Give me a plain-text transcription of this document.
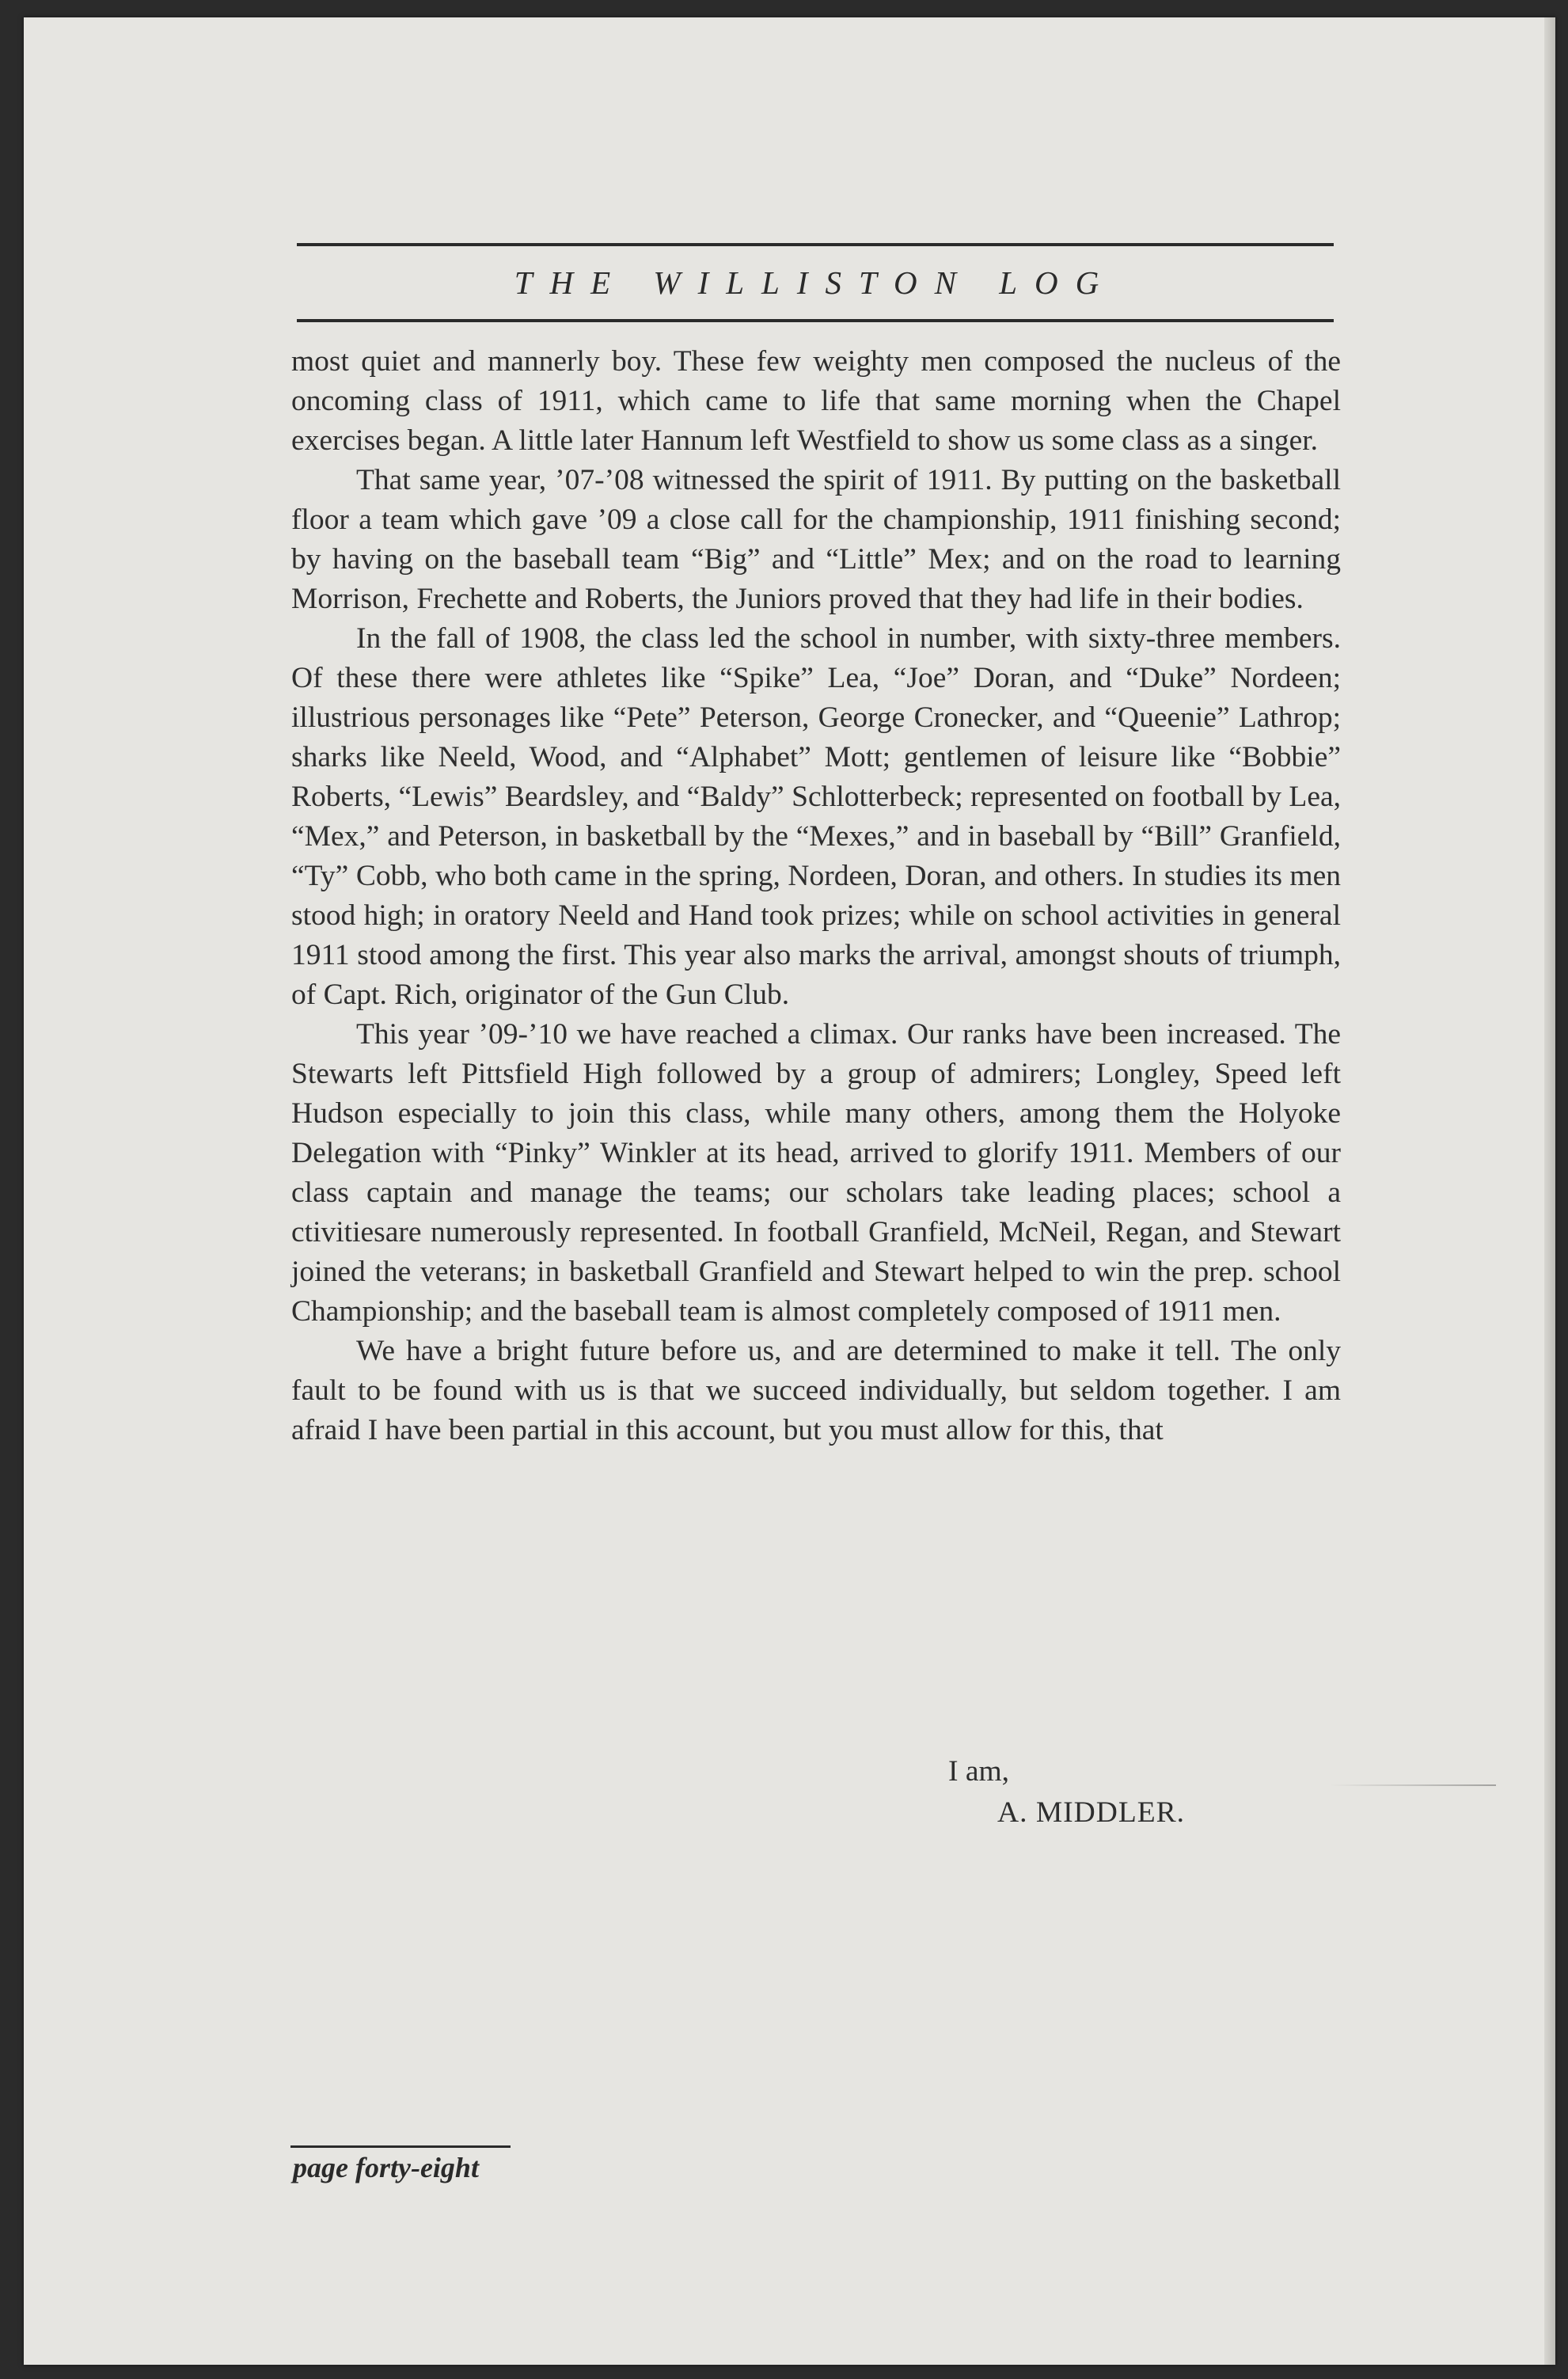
THE WILLISTON LOG

most quiet and mannerly boy. These few weighty men composed the nucleus of the oncoming class of 1911, which came to life that same morning when the Chapel exercises began. A little later Hannum left Westfield to show us some class as a singer.

That same year, ’07-’08 witnessed the spirit of 1911. By putting on the basketball floor a team which gave ’09 a close call for the championship, 1911 finishing second; by having on the baseball team “Big” and “Little” Mex; and on the road to learning Morrison, Frechette and Roberts, the Juniors proved that they had life in their bodies.

In the fall of 1908, the class led the school in number, with sixty-three members. Of these there were athletes like “Spike” Lea, “Joe” Doran, and “Duke” Nordeen; illustrious personages like “Pete” Peterson, George Cronecker, and “Queenie” Lathrop; sharks like Neeld, Wood, and “Alphabet” Mott; gentlemen of leisure like “Bobbie” Roberts, “Lewis” Beardsley, and “Baldy” Schlotterbeck; represented on football by Lea, “Mex,” and Peterson, in basketball by the “Mexes,” and in baseball by “Bill” Granfield, “Ty” Cobb, who both came in the spring, Nordeen, Doran, and others. In studies its men stood high; in oratory Neeld and Hand took prizes; while on school activities in general 1911 stood among the first. This year also marks the arrival, amongst shouts of triumph, of Capt. Rich, originator of the Gun Club.

This year ’09-’10 we have reached a climax. Our ranks have been increased. The Stewarts left Pittsfield High followed by a group of admirers; Longley, Speed left Hudson especially to join this class, while many others, among them the Holyoke Delegation with “Pinky” Winkler at its head, arrived to glorify 1911. Members of our class captain and manage the teams; our scholars take leading places; school a ctivitiesare numerously represented. In football Granfield, McNeil, Regan, and Stewart joined the veterans; in basketball Granfield and Stewart helped to win the prep. school Championship; and the baseball team is almost completely composed of 1911 men.

We have a bright future before us, and are determined to make it tell. The only fault to be found with us is that we succeed individually, but seldom together. I am afraid I have been partial in this account, but you must allow for this, that

I am,
A. MIDDLER.
page forty-eight
